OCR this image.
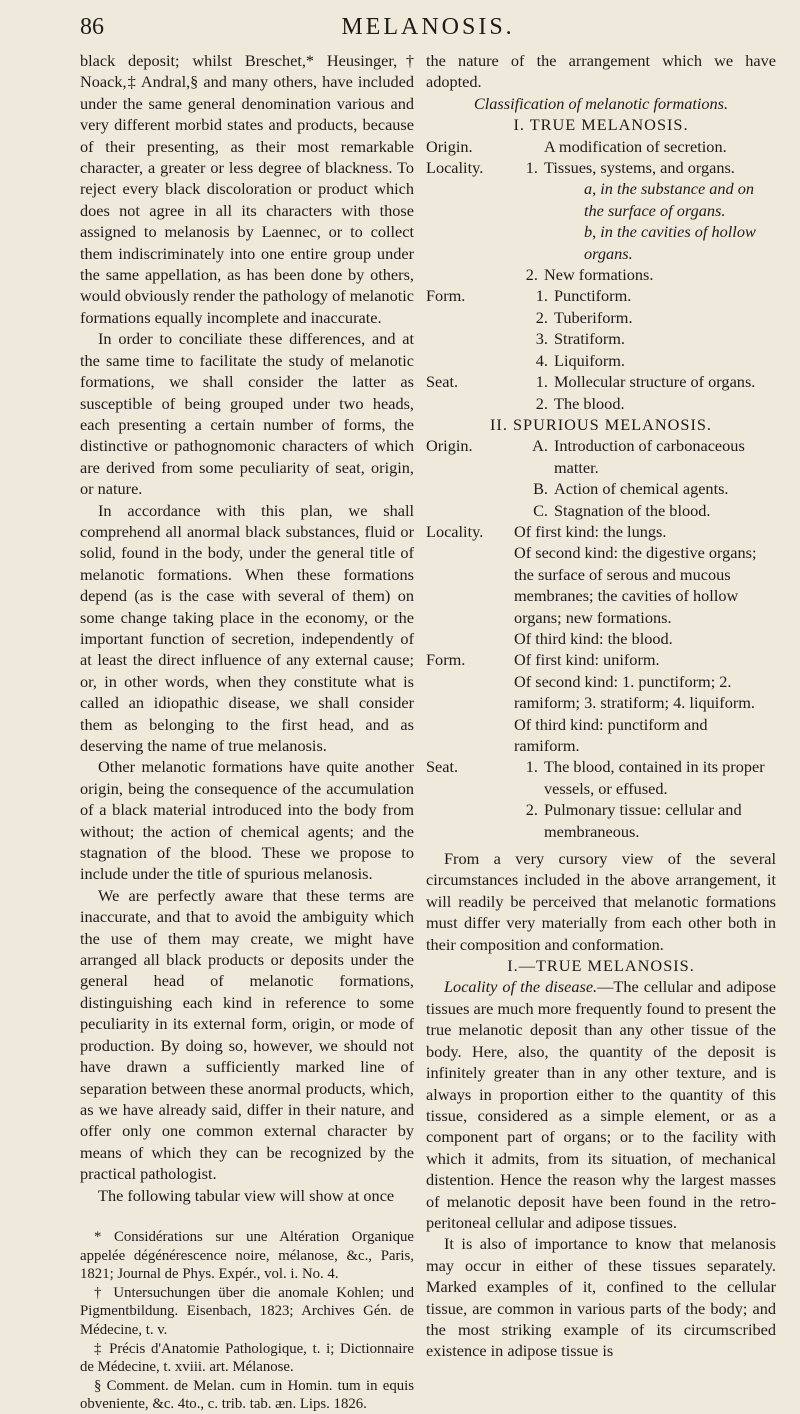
86	MELANOSIS.

black deposit; whilst Breschet,* Heusinger,† Noack,‡ Andral,§ and many others, have included under the same general denomination various and very different morbid states and products, because of their presenting, as their most remarkable character, a greater or less degree of blackness. To reject every black discoloration or product which does not agree in all its characters with those assigned to melanosis by Laennec, or to collect them indiscriminately into one entire group under the same appellation, as has been done by others, would obviously render the pathology of melanotic formations equally incomplete and inaccurate.

In order to conciliate these differences, and at the same time to facilitate the study of melanotic formations, we shall consider the latter as susceptible of being grouped under two heads, each presenting a certain number of forms, the distinctive or pathognomonic characters of which are derived from some peculiarity of seat, origin, or nature.

In accordance with this plan, we shall comprehend all anormal black substances, fluid or solid, found in the body, under the general title of melanotic formations. When these formations depend (as is the case with several of them) on some change taking place in the economy, or the important function of secretion, independently of at least the direct influence of any external cause; or, in other words, when they constitute what is called an idiopathic disease, we shall consider them as belonging to the first head, and as deserving the name of true melanosis.

Other melanotic formations have quite another origin, being the consequence of the accumulation of a black material introduced into the body from without; the action of chemical agents; and the stagnation of the blood. These we propose to include under the title of spurious melanosis.

We are perfectly aware that these terms are inaccurate, and that to avoid the ambiguity which the use of them may create, we might have arranged all black products or deposits under the general head of melanotic formations, distinguishing each kind in reference to some peculiarity in its external form, origin, or mode of production. By doing so, however, we should not have drawn a sufficiently marked line of separation between these anormal products, which, as we have already said, differ in their nature, and offer only one common external character by means of which they can be recognized by the practical pathologist.

The following tabular view will show at once

* Considérations sur une Altération Organique appelée dégénérescence noire, mélanose, &c., Paris, 1821; Journal de Phys. Expér., vol. i. No. 4.

† Untersuchungen über die anomale Kohlen; und Pigmentbildung. Eisenbach, 1823; Archives Gén. de Médecine, t. v.

‡ Précis d'Anatomie Pathologique, t. i; Dictionnaire de Médecine, t. xviii. art. Mélanose.

§ Comment. de Melan. cum in Homin. tum in equis obveniente, &c. 4to., c. trib. tab. æn. Lips. 1826.

the nature of the arrangement which we have adopted.

Classification of melanotic formations.

I. TRUE MELANOSIS.

Origin.	A modification of secretion.
Locality.	1. Tissues, systems, and organs.
a, in the substance and on the surface of organs.
b, in the cavities of hollow organs.
2. New formations.
Form.	1. Punctiform.
2. Tuberiform.
3. Stratiform.
4. Liquiform.
Seat.	1. Mollecular structure of organs.
2. The blood.

II. SPURIOUS MELANOSIS.

Origin.	A. Introduction of carbonaceous matter.
B. Action of chemical agents.
C. Stagnation of the blood.
Locality.	Of first kind: the lungs.
Of second kind: the digestive organs; the surface of serous and mucous membranes; the cavities of hollow organs; new formations.
Of third kind: the blood.
Form.	Of first kind: uniform.
Of second kind: 1. punctiform; 2. ramiform; 3. stratiform; 4. liquiform.
Of third kind: punctiform and ramiform.
Seat.	1. The blood, contained in its proper vessels, or effused.
2. Pulmonary tissue: cellular and membraneous.

From a very cursory view of the several circumstances included in the above arrangement, it will readily be perceived that melanotic formations must differ very materially from each other both in their composition and conformation.

I.—TRUE MELANOSIS.

Locality of the disease.—The cellular and adipose tissues are much more frequently found to present the true melanotic deposit than any other tissue of the body. Here, also, the quantity of the deposit is infinitely greater than in any other texture, and is always in proportion either to the quantity of this tissue, considered as a simple element, or as a component part of organs; or to the facility with which it admits, from its situation, of mechanical distention. Hence the reason why the largest masses of melanotic deposit have been found in the retro-peritoneal cellular and adipose tissues.

It is also of importance to know that melanosis may occur in either of these tissues separately. Marked examples of it, confined to the cellular tissue, are common in various parts of the body; and the most striking example of its circumscribed existence in adipose tissue is
